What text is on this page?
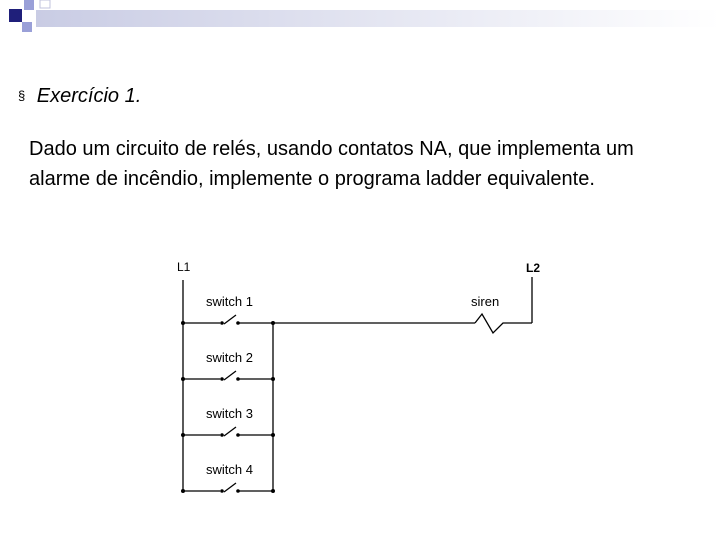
§ Exercício 1.

Dado um circuito de relés, usando contatos NA, que implementa um alarme de incêndio, implemente o programa ladder equivalente.

L1	L2
switch 1
switch 2
switch 3
switch 4
siren
